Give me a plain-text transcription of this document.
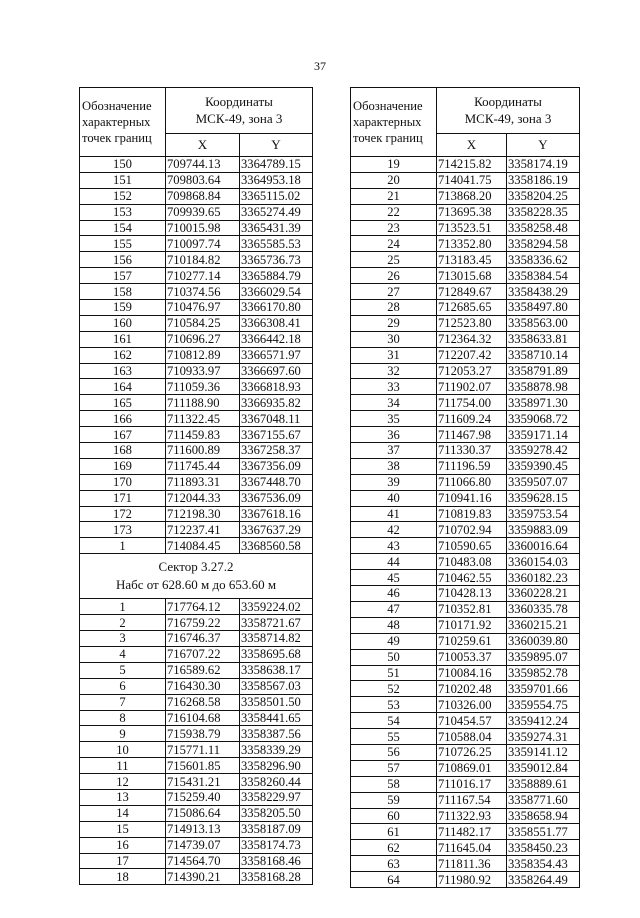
37
Обозначение характерных точек границ	Координаты
МСК-49, зона 3	

	X	Y
150	709744.13	3364789.15
151	709803.64	3364953.18
152	709868.84	3365115.02
153	709939.65	3365274.49
154	710015.98	3365431.39
155	710097.74	3365585.53
156	710184.82	3365736.73
157	710277.14	3365884.79
158	710374.56	3366029.54
159	710476.97	3366170.80
160	710584.25	3366308.41
161	710696.27	3366442.18
162	710812.89	3366571.97
163	710933.97	3366697.60
164	711059.36	3366818.93
165	711188.90	3366935.82
166	711322.45	3367048.11
167	711459.83	3367155.67
168	711600.89	3367258.37
169	711745.44	3367356.09
170	711893.31	3367448.70
171	712044.33	3367536.09
172	712198.30	3367618.16
173	712237.41	3367637.29
1	714084.45	3368560.58

Сектор 3.27.2
Набс от 628.60 м до 653.60 м		

1	717764.12	3359224.02
2	716759.22	3358721.67
3	716746.37	3358714.82
4	716707.22	3358695.68
5	716589.62	3358638.17
6	716430.30	3358567.03
7	716268.58	3358501.50
8	716104.68	3358441.65
9	715938.79	3358387.56
10	715771.11	3358339.29
11	715601.85	3358296.90
12	715431.21	3358260.44
13	715259.40	3358229.97
14	715086.64	3358205.50
15	714913.13	3358187.09
16	714739.07	3358174.73
17	714564.70	3358168.46
18	714390.21	3358168.28
Обозначение характерных точек границ	Координаты
МСК-49, зона 3	

	X	Y
19	714215.82	3358174.19
20	714041.75	3358186.19
21	713868.20	3358204.25
22	713695.38	3358228.35
23	713523.51	3358258.48
24	713352.80	3358294.58
25	713183.45	3358336.62
26	713015.68	3358384.54
27	712849.67	3358438.29
28	712685.65	3358497.80
29	712523.80	3358563.00
30	712364.32	3358633.81
31	712207.42	3358710.14
32	712053.27	3358791.89
33	711902.07	3358878.98
34	711754.00	3358971.30
35	711609.24	3359068.72
36	711467.98	3359171.14
37	711330.37	3359278.42
38	711196.59	3359390.45
39	711066.80	3359507.07
40	710941.16	3359628.15
41	710819.83	3359753.54
42	710702.94	3359883.09
43	710590.65	3360016.64
44	710483.08	3360154.03
45	710462.55	3360182.23
46	710428.13	3360228.21
47	710352.81	3360335.78
48	710171.92	3360215.21
49	710259.61	3360039.80
50	710053.37	3359895.07
51	710084.16	3359852.78
52	710202.48	3359701.66
53	710326.00	3359554.75
54	710454.57	3359412.24
55	710588.04	3359274.31
56	710726.25	3359141.12
57	710869.01	3359012.84
58	711016.17	3358889.61
59	711167.54	3358771.60
60	711322.93	3358658.94
61	711482.17	3358551.77
62	711645.04	3358450.23
63	711811.36	3358354.43
64	711980.92	3358264.49
